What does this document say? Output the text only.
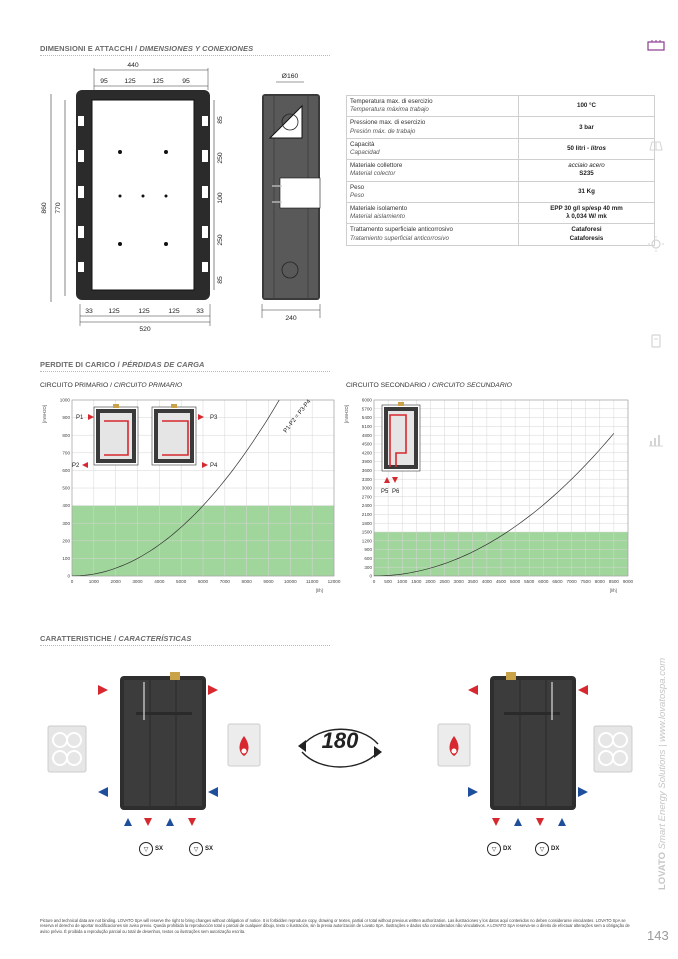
DIMENSIONI E ATTACCHI / DIMENSIONES Y CONEXIONES
440
95 125 125	95
860 770
85
250
100
250
85
33 125	125	125 33
520
Ø160
240
Temperatura max. di esercizio
Temperatura máxima trabajo	100 °C

Pressione max. di esercizio
Presión máx. de trabajo	3 bar

Capacità
Capacidad	50 litri - litros

Materiale collettore
Material colector	acciaio acero
S235

Peso
Peso	31 Kg

Materiale isolamento
Material aislamiento	EPP 30 g/l sp/esp 40 mm
λ 0,034 W/ mk

Trattamento superficiale anticorrosivo
Tratamiento superficial anticorrosivo	Cataforesi
Cataforesis
PERDITE DI CARICO / PÉRDIDAS DE CARGA
CIRCUITO PRIMARIO / CIRCUITO PRIMARIO	CIRCUITO SECONDARIO / CIRCUITO SECUNDARIO
0	1000	2000	3000	4000	5000	6000	7000	8000	9000 10000 11000 12000
0
100
200
300
400
500
600
700
800
900
1000
[mmH2O]
[l/h]
P1-P2 = P3-P4
P1
P2
P3
P4
0 500 1000 1500 2000 2500 3000 3500 4000 4500 5000 5500 6000 6500 7000 7500 8000 8500 9000
0
300
600
900
1200
1500
1800
2100
2400
2700
3000
3300
3600
3900
4200
4500
4800
5100
5400
5700
6000
[mmH2O]
[l/h]
P5 P6
CARATTERISTICHE / CARACTERÍSTICAS
180
▽	SX	▽	SX	▽	DX	▽	DX
Picture and technical data are not binding. LOVATO SpA will reserve the right to bring changes without obligation of notice. It is forbidden reproduce copy, drawing or textes, partial or total without previous written authorization. Las ilustraciones y los datos aquí contenidos no deben considerarse vinculantes. LOVATO SpA se reserva el derecho de aportar modificaciones sin aviso previo. Queda prohibida la reproducción total o parcial de cualquier dibujo, texto o ilustración, sin la previa autorización de Lovato SpA. Ilustrações e dados são considerados não vinculativos. A LOVATO SpA reserva-se o direito de efectuar alterações sem a obrigação de aviso prévio. É proibida a reprodução parcial ou total de desenhos, textos ou ilustrações sem autorização escrita.	143
LOVATO Smart Energy Solutions | www.lovatospa.com
